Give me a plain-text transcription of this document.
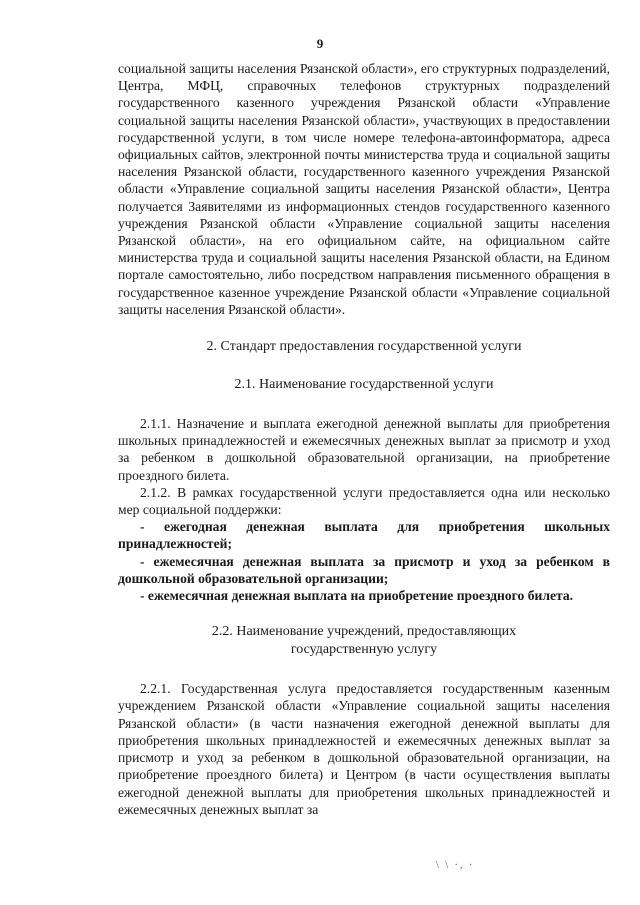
9

социальной защиты населения Рязанской области», его структурных подразделений, Центра, МФЦ, справочных телефонов структурных подразделений государственного казенного учреждения Рязанской области «Управление социальной защиты населения Рязанской области», участвующих в предоставлении государственной услуги, в том числе номере телефона-автоинформатора, адреса официальных сайтов, электронной почты министерства труда и социальной защиты населения Рязанской области, государственного казенного учреждения Рязанской области «Управление социальной защиты населения Рязанской области», Центра получается Заявителями из информационных стендов государственного казенного учреждения Рязанской области «Управление социальной защиты населения Рязанской области», на его официальном сайте, на официальном сайте министерства труда и социальной защиты населения Рязанской области, на Едином портале самостоятельно, либо посредством направления письменного обращения в государственное казенное учреждение Рязанской области «Управление социальной защиты населения Рязанской области».

2. Стандарт предоставления государственной услуги

2.1. Наименование государственной услуги

2.1.1. Назначение и выплата ежегодной денежной выплаты для приобретения школьных принадлежностей и ежемесячных денежных выплат за присмотр и уход за ребенком в дошкольной образовательной организации, на приобретение проездного билета.

2.1.2. В рамках государственной услуги предоставляется одна или несколько мер социальной поддержки:

- ежегодная денежная выплата для приобретения школьных принадлежностей;

- ежемесячная денежная выплата за присмотр и уход за ребенком в дошкольной образовательной организации;

- ежемесячная денежная выплата на приобретение проездного билета.

2.2. Наименование учреждений, предоставляющих
государственную услугу

2.2.1. Государственная услуга предоставляется государственным казенным учреждением Рязанской области «Управление социальной защиты населения Рязанской области» (в части назначения ежегодной денежной выплаты для приобретения школьных принадлежностей и ежемесячных денежных выплат за присмотр и уход за ребенком в дошкольной образовательной организации, на приобретение проездного билета) и Центром (в части осуществления выплаты ежегодной денежной выплаты для приобретения школьных принадлежностей и ежемесячных денежных выплат за

\ \ ·, ·
